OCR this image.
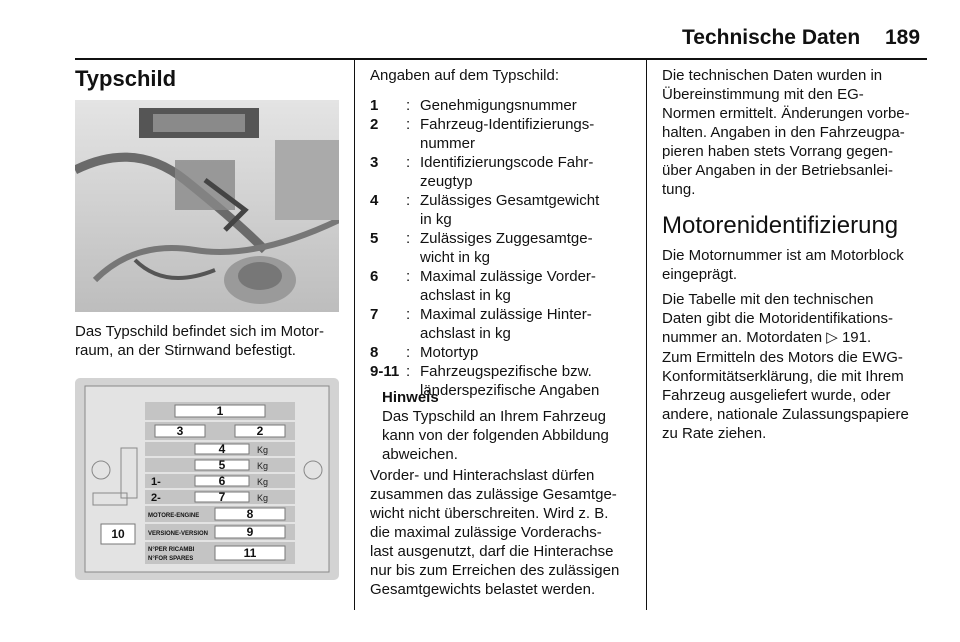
Technische Daten 189
Typschild

Das Typschild befindet sich im Motor-
raum, an der Stirnwand befestigt.

1
3	2
4
5
6
7
8
9
10
11
Kg
Kg
Kg
Kg
1-
2-
MOTORE-ENGINE
VERSIONE-VERSION
N°PER RICAMBI
N°FOR SPARES

Angaben auf dem Typschild:

1	: Genehmigungsnummer
2	: Fahrzeug-Identifizierungs-
nummer
3	: Identifizierungscode Fahr-
zeugtyp
4	: Zulässiges Gesamtgewicht
in kg
5	: Zulässiges Zuggesamtge-
wicht in kg
6	: Maximal zulässige Vorder-
achslast in kg
7	: Maximal zulässige Hinter-
achslast in kg
8	: Motortyp
9-11 : Fahrzeugspezifische bzw.
länderspezifische Angaben
Hinweis
Das Typschild an Ihrem Fahrzeug
kann von der folgenden Abbildung
abweichen.

Vorder- und Hinterachslast dürfen
zusammen das zulässige Gesamtge-
wicht nicht überschreiten. Wird z. B.
die maximal zulässige Vorderachs-
last ausgenutzt, darf die Hinterachse
nur bis zum Erreichen des zulässigen
Gesamtgewichts belastet werden.

Die technischen Daten wurden in
Übereinstimmung mit den EG-
Normen ermittelt. Änderungen vorbe-
halten. Angaben in den Fahrzeugpa-
pieren haben stets Vorrang gegen-
über Angaben in der Betriebsanlei-
tung.

Motorenidentifizierung

Die Motornummer ist am Motorblock
eingeprägt.

Die Tabelle mit den technischen
Daten gibt die Motoridentifikations-
nummer an. Motordaten ▷ 191.

Zum Ermitteln des Motors die EWG-
Konformitätserklärung, die mit Ihrem
Fahrzeug ausgeliefert wurde, oder
andere, nationale Zulassungspapiere
zu Rate ziehen.
